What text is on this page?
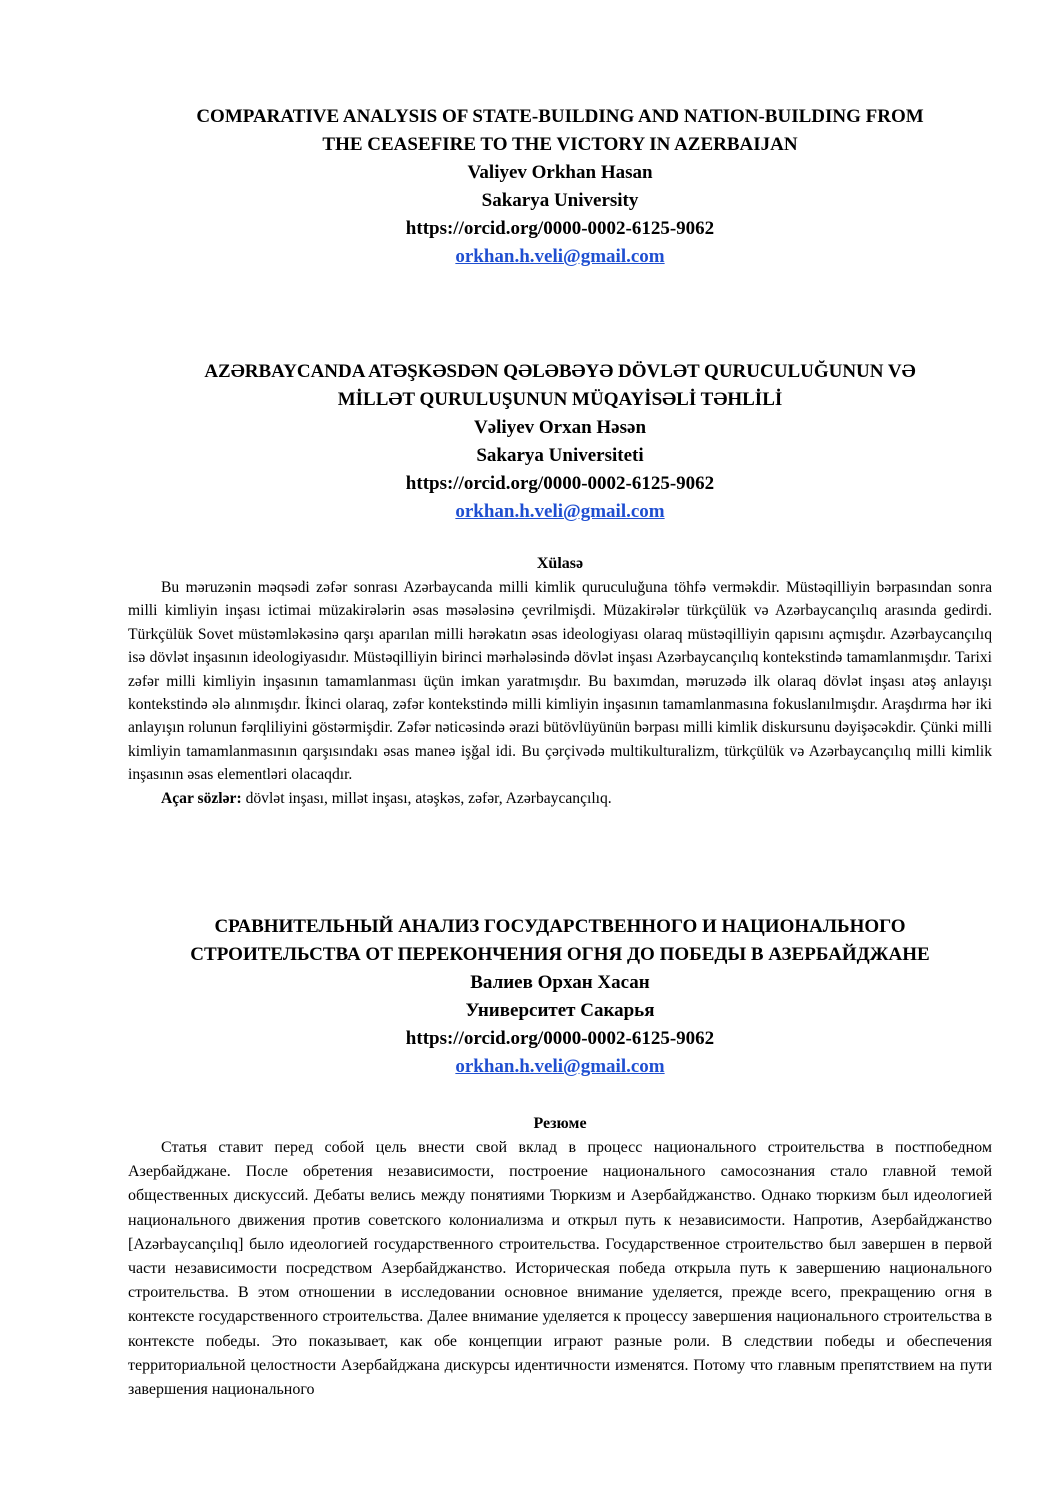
COMPARATIVE ANALYSIS OF STATE-BUILDING AND NATION-BUILDING FROM

THE CEASEFIRE TO THE VICTORY IN AZERBAIJAN

Valiyev Orkhan Hasan

Sakarya University

https://orcid.org/0000-0002-6125-9062

orkhan.h.veli@gmail.com

AZƏRBAYCANDA ATƏŞKƏSDƏN QƏLƏBƏYƏ DÖVLƏT QURUCULUĞUNUN VƏ

MİLLƏT QURULUŞUNUN MÜQAYİSƏLİ TƏHLİLİ

Vəliyev Orxan Həsən

Sakarya Universiteti

https://orcid.org/0000-0002-6125-9062

orkhan.h.veli@gmail.com

Xülasə

Bu məruzənin məqsədi zəfər sonrası Azərbaycanda milli kimlik quruculuğuna töhfə verməkdir. Müstəqilliyin bərpasından sonra milli kimliyin inşası ictimai müzakirələrin əsas məsələsinə çevrilmişdi. Müzakirələr türkçülük və Azərbaycançılıq arasında gedirdi. Türkçülük Sovet müstəmləkəsinə qarşı aparılan milli hərəkatın əsas ideologiyası olaraq müstəqilliyin qapısını açmışdır. Azərbaycançılıq isə dövlət inşasının ideologiyasıdır. Müstəqilliyin birinci mərhələsində dövlət inşası Azərbaycançılıq kontekstində tamamlanmışdır. Tarixi zəfər milli kimliyin inşasının tamamlanması üçün imkan yaratmışdır. Bu baxımdan, məruzədə ilk olaraq dövlət inşası atəş anlayışı kontekstində ələ alınmışdır. İkinci olaraq, zəfər kontekstində milli kimliyin inşasının tamamlanmasına fokuslanılmışdır. Araşdırma hər iki anlayışın rolunun fərqliliyini göstərmişdir. Zəfər nəticəsində ərazi bütövlüyünün bərpası milli kimlik diskursunu dəyişəcəkdir. Çünki milli kimliyin tamamlanmasının qarşısındakı əsas maneə işğal idi. Bu çərçivədə multikulturalizm, türkçülük və Azərbaycançılıq milli kimlik inşasının əsas elementləri olacaqdır.

Açar sözlər: dövlət inşası, millət inşası, atəşkəs, zəfər, Azərbaycançılıq.

СРАВНИТЕЛЬНЫЙ АНАЛИЗ ГОСУДАРСТВЕННОГО И НАЦИОНАЛЬНОГО

СТРОИТЕЛЬСТВА ОТ ПЕРЕКОНЧЕНИЯ ОГНЯ ДО ПОБЕДЫ В АЗЕРБАЙДЖАНЕ

Валиев Орхан Хасан

Университет Сакарья

https://orcid.org/0000-0002-6125-9062

orkhan.h.veli@gmail.com

Резюме

Статья ставит перед собой цель внести свой вклад в процесс национального строительства в постпобедном Азербайджане. После обретения независимости, построение национального самосознания стало главной темой общественных дискуссий. Дебаты велись между понятиями Тюркизм и Азербайджанство. Однако тюркизм был идеологией национального движения против советского колониализма и открыл путь к независимости. Напротив, Азербайджанство [Azərbaycançılıq] было идеологией государственного строительства. Государственное строительство был завершен в первой части независимости посредством Азербайджанство. Историческая победа открыла путь к завершению национального строительства. В этом отношении в исследовании основное внимание уделяется, прежде всего, прекращению огня в контексте государственного строительства. Далее внимание уделяется к процессу завершения национального строительства в контексте победы. Это показывает, как обе концепции играют разные роли. В следствии победы и обеспечения территориальной целостности Азербайджана дискурсы идентичности изменятся. Потому что главным препятствием на пути завершения национального
